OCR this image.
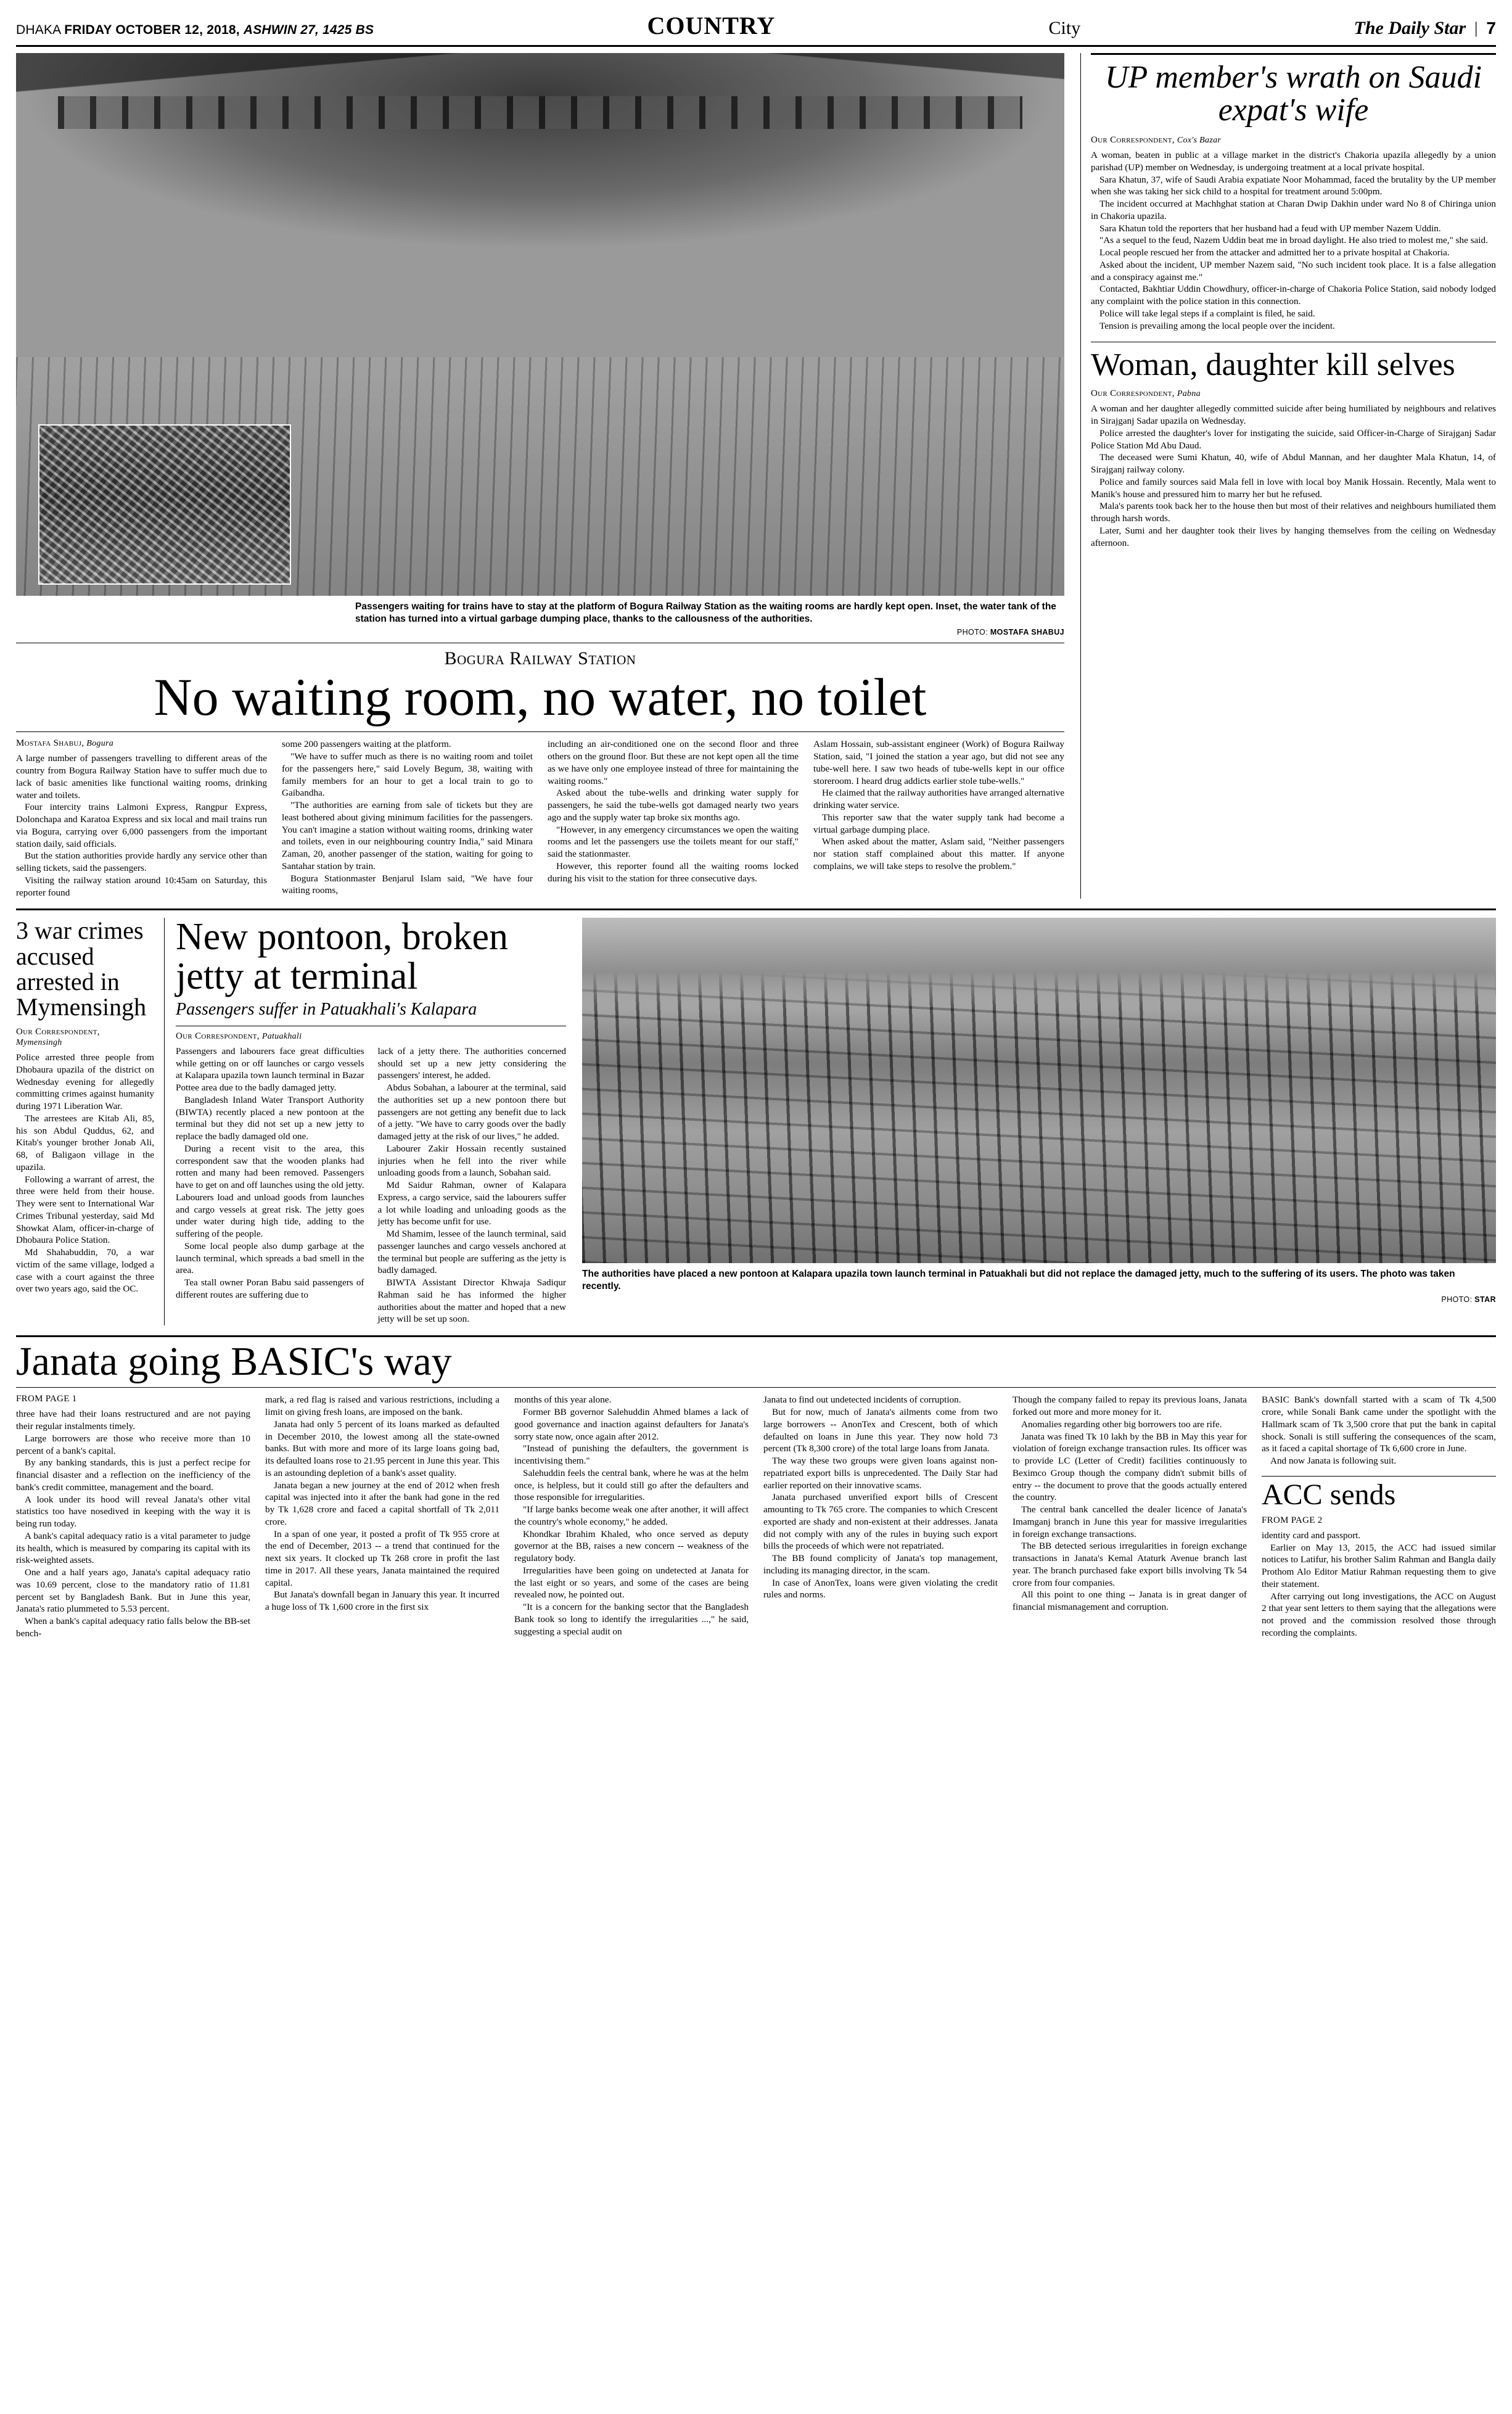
DHAKA FRIDAY OCTOBER 12, 2018, ASHWIN 27, 1425 BS	COUNTRY	City	The Daily Star | 7
Passengers waiting for trains have to stay at the platform of Bogura Railway Station as the waiting rooms are hardly kept open. Inset, the water tank of the station has turned into a virtual garbage dumping place, thanks to the callousness of the authorities.
PHOTO: MOSTAFA SHABUJ
Bogura Railway Station
No waiting room, no water, no toilet
Mostafa Shabuj, Bogura

A large number of passengers travelling to different areas of the country from Bogura Railway Station have to suffer much due to lack of basic amenities like functional waiting rooms, drinking water and toilets.

Four intercity trains Lalmoni Express, Rangpur Express, Dolonchapa and Karatoa Express and six local and mail trains run via Bogura, carrying over 6,000 passengers from the important station daily, said officials.

But the station authorities provide hardly any service other than selling tickets, said the passengers.

Visiting the railway station around 10:45am on Saturday, this reporter found

some 200 passengers waiting at the platform.

"We have to suffer much as there is no waiting room and toilet for the passengers here," said Lovely Begum, 38, waiting with family members for an hour to get a local train to go to Gaibandha.

"The authorities are earning from sale of tickets but they are least bothered about giving minimum facilities for the passengers. You can't imagine a station without waiting rooms, drinking water and toilets, even in our neighbouring country India," said Minara Zaman, 20, another passenger of the station, waiting for going to Santahar station by train.

Bogura Stationmaster Benjarul Islam said, "We have four waiting rooms,

including an air-conditioned one on the second floor and three others on the ground floor. But these are not kept open all the time as we have only one employee instead of three for maintaining the waiting rooms."

Asked about the tube-wells and drinking water supply for passengers, he said the tube-wells got damaged nearly two years ago and the supply water tap broke six months ago.

"However, in any emergency circumstances we open the waiting rooms and let the passengers use the toilets meant for our staff," said the stationmaster.

However, this reporter found all the waiting rooms locked during his visit to the station for three consecutive days.

Aslam Hossain, sub-assistant engineer (Work) of Bogura Railway Station, said, "I joined the station a year ago, but did not see any tube-well here. I saw two heads of tube-wells kept in our office storeroom. I heard drug addicts earlier stole tube-wells."

He claimed that the railway authorities have arranged alternative drinking water service.

This reporter saw that the water supply tank had become a virtual garbage dumping place.

When asked about the matter, Aslam said, "Neither passengers nor station staff complained about this matter. If anyone complains, we will take steps to resolve the problem."

UP member's wrath on Saudi expat's wife
Our Correspondent, Cox's Bazar

A woman, beaten in public at a village market in the district's Chakoria upazila allegedly by a union parishad (UP) member on Wednesday, is undergoing treatment at a local private hospital.

Sara Khatun, 37, wife of Saudi Arabia expatiate Noor Mohammad, faced the brutality by the UP member when she was taking her sick child to a hospital for treatment around 5:00pm.

The incident occurred at Machhghat station at Charan Dwip Dakhin under ward No 8 of Chiringa union in Chakoria upazila.

Sara Khatun told the reporters that her husband had a feud with UP member Nazem Uddin.

"As a sequel to the feud, Nazem Uddin beat me in broad daylight. He also tried to molest me," she said.

Local people rescued her from the attacker and admitted her to a private hospital at Chakoria.

Asked about the incident, UP member Nazem said, "No such incident took place. It is a false allegation and a conspiracy against me."

Contacted, Bakhtiar Uddin Chowdhury, officer-in-charge of Chakoria Police Station, said nobody lodged any complaint with the police station in this connection.

Police will take legal steps if a complaint is filed, he said.

Tension is prevailing among the local people over the incident.

Woman, daughter kill selves
Our Correspondent, Pabna

A woman and her daughter allegedly committed suicide after being humiliated by neighbours and relatives in Sirajganj Sadar upazila on Wednesday.

Police arrested the daughter's lover for instigating the suicide, said Officer-in-Charge of Sirajganj Sadar Police Station Md Abu Daud.

The deceased were Sumi Khatun, 40, wife of Abdul Mannan, and her daughter Mala Khatun, 14, of Sirajganj railway colony.

Police and family sources said Mala fell in love with local boy Manik Hossain. Recently, Mala went to Manik's house and pressured him to marry her but he refused.

Mala's parents took back her to the house then but most of their relatives and neighbours humiliated them through harsh words.

Later, Sumi and her daughter took their lives by hanging themselves from the ceiling on Wednesday afternoon.

3 war crimes accused arrested in Mymensingh
Our Correspondent,
Mymensingh

Police arrested three people from Dhobaura upazila of the district on Wednesday evening for allegedly committing crimes against humanity during 1971 Liberation War.

The arrestees are Kitab Ali, 85, his son Abdul Quddus, 62, and Kitab's younger brother Jonab Ali, 68, of Baligaon village in the upazila.

Following a warrant of arrest, the three were held from their house. They were sent to International War Crimes Tribunal yesterday, said Md Showkat Alam, officer-in-charge of Dhobaura Police Station.

Md Shahabuddin, 70, a war victim of the same village, lodged a case with a court against the three over two years ago, said the OC.

New pontoon, broken jetty at terminal
Passengers suffer in Patuakhali's Kalapara
Our Correspondent, Patuakhali

Passengers and labourers face great difficulties while getting on or off launches or cargo vessels at Kalapara upazila town launch terminal in Bazar Pottee area due to the badly damaged jetty.

Bangladesh Inland Water Transport Authority (BIWTA) recently placed a new pontoon at the terminal but they did not set up a new jetty to replace the badly damaged old one.

During a recent visit to the area, this correspondent saw that the wooden planks had rotten and many had been removed. Passengers have to get on and off launches using the old jetty. Labourers load and unload goods from launches and cargo vessels at great risk. The jetty goes under water during high tide, adding to the suffering of the people.

Some local people also dump garbage at the launch terminal, which spreads a bad smell in the area.

Tea stall owner Poran Babu said passengers of different routes are suffering due to

lack of a jetty there. The authorities concerned should set up a new jetty considering the passengers' interest, he added.

Abdus Sobahan, a labourer at the terminal, said the authorities set up a new pontoon there but passengers are not getting any benefit due to lack of a jetty. "We have to carry goods over the badly damaged jetty at the risk of our lives," he added.

Labourer Zakir Hossain recently sustained injuries when he fell into the river while unloading goods from a launch, Sobahan said.

Md Saidur Rahman, owner of Kalapara Express, a cargo service, said the labourers suffer a lot while loading and unloading goods as the jetty has become unfit for use.

Md Shamim, lessee of the launch terminal, said passenger launches and cargo vessels anchored at the terminal but people are suffering as the jetty is badly damaged.

BIWTA Assistant Director Khwaja Sadiqur Rahman said he has informed the higher authorities about the matter and hoped that a new jetty will be set up soon.

The authorities have placed a new pontoon at Kalapara upazila town launch terminal in Patuakhali but did not replace the damaged jetty, much to the suffering of its users. The photo was taken recently.
PHOTO: STAR
Janata going BASIC's way
FROM PAGE 1

three have had their loans restructured and are not paying their regular instalments timely.

Large borrowers are those who receive more than 10 percent of a bank's capital.

By any banking standards, this is just a perfect recipe for financial disaster and a reflection on the inefficiency of the bank's credit committee, management and the board.

A look under its hood will reveal Janata's other vital statistics too have nosedived in keeping with the way it is being run today.

A bank's capital adequacy ratio is a vital parameter to judge its health, which is measured by comparing its capital with its risk-weighted assets.

One and a half years ago, Janata's capital adequacy ratio was 10.69 percent, close to the mandatory ratio of 11.81 percent set by Bangladesh Bank. But in June this year, Janata's ratio plummeted to 5.53 percent.

When a bank's capital adequacy ratio falls below the BB-set bench-

mark, a red flag is raised and various restrictions, including a limit on giving fresh loans, are imposed on the bank.

Janata had only 5 percent of its loans marked as defaulted in December 2010, the lowest among all the state-owned banks. But with more and more of its large loans going bad, its defaulted loans rose to 21.95 percent in June this year. This is an astounding depletion of a bank's asset quality.

Janata began a new journey at the end of 2012 when fresh capital was injected into it after the bank had gone in the red by Tk 1,628 crore and faced a capital shortfall of Tk 2,011 crore.

In a span of one year, it posted a profit of Tk 955 crore at the end of December, 2013 -- a trend that continued for the next six years. It clocked up Tk 268 crore in profit the last time in 2017. All these years, Janata maintained the required capital.

But Janata's downfall began in January this year. It incurred a huge loss of Tk 1,600 crore in the first six

months of this year alone.

Former BB governor Salehuddin Ahmed blames a lack of good governance and inaction against defaulters for Janata's sorry state now, once again after 2012.

"Instead of punishing the defaulters, the government is incentivising them."

Salehuddin feels the central bank, where he was at the helm once, is helpless, but it could still go after the defaulters and those responsible for irregularities.

"If large banks become weak one after another, it will affect the country's whole economy," he added.

Khondkar Ibrahim Khaled, who once served as deputy governor at the BB, raises a new concern -- weakness of the regulatory body.

Irregularities have been going on undetected at Janata for the last eight or so years, and some of the cases are being revealed now, he pointed out.

"It is a concern for the banking sector that the Bangladesh Bank took so long to identify the irregularities ...," he said, suggesting a special audit on

Janata to find out undetected incidents of corruption.

But for now, much of Janata's ailments come from two large borrowers -- AnonTex and Crescent, both of which defaulted on loans in June this year. They now hold 73 percent (Tk 8,300 crore) of the total large loans from Janata.

The way these two groups were given loans against non-repatriated export bills is unprecedented. The Daily Star had earlier reported on their innovative scams.

Janata purchased unverified export bills of Crescent amounting to Tk 765 crore. The companies to which Crescent exported are shady and non-existent at their addresses. Janata did not comply with any of the rules in buying such export bills the proceeds of which were not repatriated.

The BB found complicity of Janata's top management, including its managing director, in the scam.

In case of AnonTex, loans were given violating the credit rules and norms.

Though the company failed to repay its previous loans, Janata forked out more and more money for it.

Anomalies regarding other big borrowers too are rife.

Janata was fined Tk 10 lakh by the BB in May this year for violation of foreign exchange transaction rules. Its officer was to provide LC (Letter of Credit) facilities continuously to Beximco Group though the company didn't submit bills of entry -- the document to prove that the goods actually entered the country.

The central bank cancelled the dealer licence of Janata's Imamganj branch in June this year for massive irregularities in foreign exchange transactions.

The BB detected serious irregularities in foreign exchange transactions in Janata's Kemal Ataturk Avenue branch last year. The branch purchased fake export bills involving Tk 54 crore from four companies.

All this point to one thing -- Janata is in great danger of financial mismanagement and corruption.

BASIC Bank's downfall started with a scam of Tk 4,500 crore, while Sonali Bank came under the spotlight with the Hallmark scam of Tk 3,500 crore that put the bank in capital shock. Sonali is still suffering the consequences of the scam, as it faced a capital shortage of Tk 6,600 crore in June.

And now Janata is following suit.

ACC sends
FROM PAGE 2

identity card and passport.

Earlier on May 13, 2015, the ACC had issued similar notices to Latifur, his brother Salim Rahman and Bangla daily Prothom Alo Editor Matiur Rahman requesting them to give their statement.

After carrying out long investigations, the ACC on August 2 that year sent letters to them saying that the allegations were not proved and the commission resolved those through recording the complaints.
